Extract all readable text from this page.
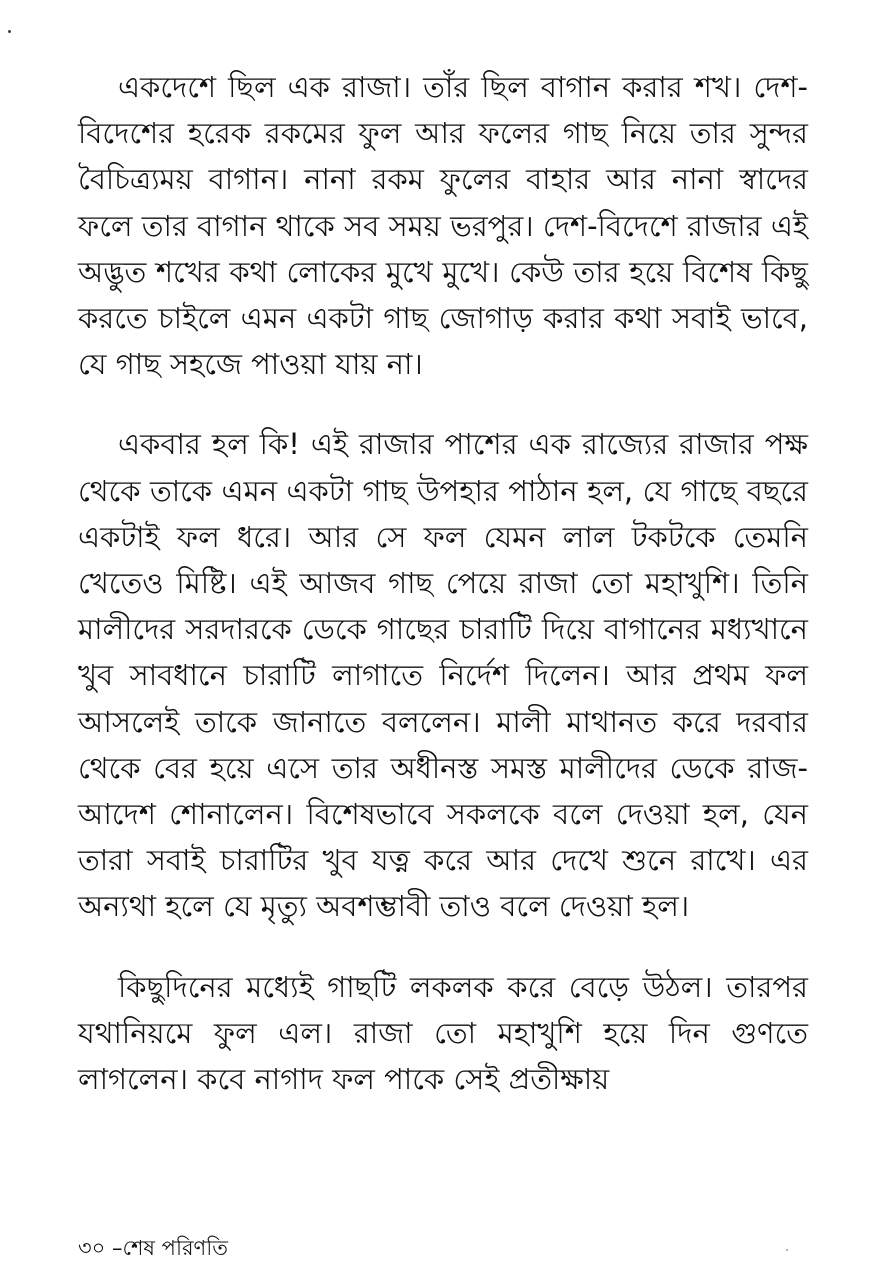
একদেশে ছিল এক রাজা। তাঁর ছিল বাগান করার শখ। দেশ-বিদেশের হরেক রকমের ফুল আর ফলের গাছ নিয়ে তার সুন্দর বৈচিত্র্যময় বাগান। নানা রকম ফুলের বাহার আর নানা স্বাদের ফলে তার বাগান থাকে সব সময় ভরপুর। দেশ-বিদেশে রাজার এই অদ্ভুত শখের কথা লোকের মুখে মুখে। কেউ তার হয়ে বিশেষ কিছু করতে চাইলে এমন একটা গাছ জোগাড় করার কথা সবাই ভাবে, যে গাছ সহজে পাওয়া যায় না।

একবার হল কি! এই রাজার পাশের এক রাজ্যের রাজার পক্ষ থেকে তাকে এমন একটা গাছ উপহার পাঠান হল, যে গাছে বছরে একটাই ফল ধরে। আর সে ফল যেমন লাল টকটকে তেমনি খেতেও মিষ্টি। এই আজব গাছ পেয়ে রাজা তো মহাখুশি। তিনি মালীদের সরদারকে ডেকে গাছের চারাটি দিয়ে বাগানের মধ্যখানে খুব সাবধানে চারাটি লাগাতে নির্দেশ দিলেন। আর প্রথম ফল আসলেই তাকে জানাতে বললেন। মালী মাথানত করে দরবার থেকে বের হয়ে এসে তার অধীনস্ত সমস্ত মালীদের ডেকে রাজ-আদেশ শোনালেন। বিশেষভাবে সকলকে বলে দেওয়া হল, যেন তারা সবাই চারাটির খুব যত্ন করে আর দেখে শুনে রাখে। এর অন্যথা হলে যে মৃত্যু অবশম্ভাবী তাও বলে দেওয়া হল।

কিছুদিনের মধ্যেই গাছটি লকলক করে বেড়ে উঠল। তারপর যথানিয়মে ফুল এল। রাজা তো মহাখুশি হয়ে দিন গুণতে লাগলেন। কবে নাগাদ ফল পাকে সেই প্রতীক্ষায়

৩০ –শেষ পরিণতি
